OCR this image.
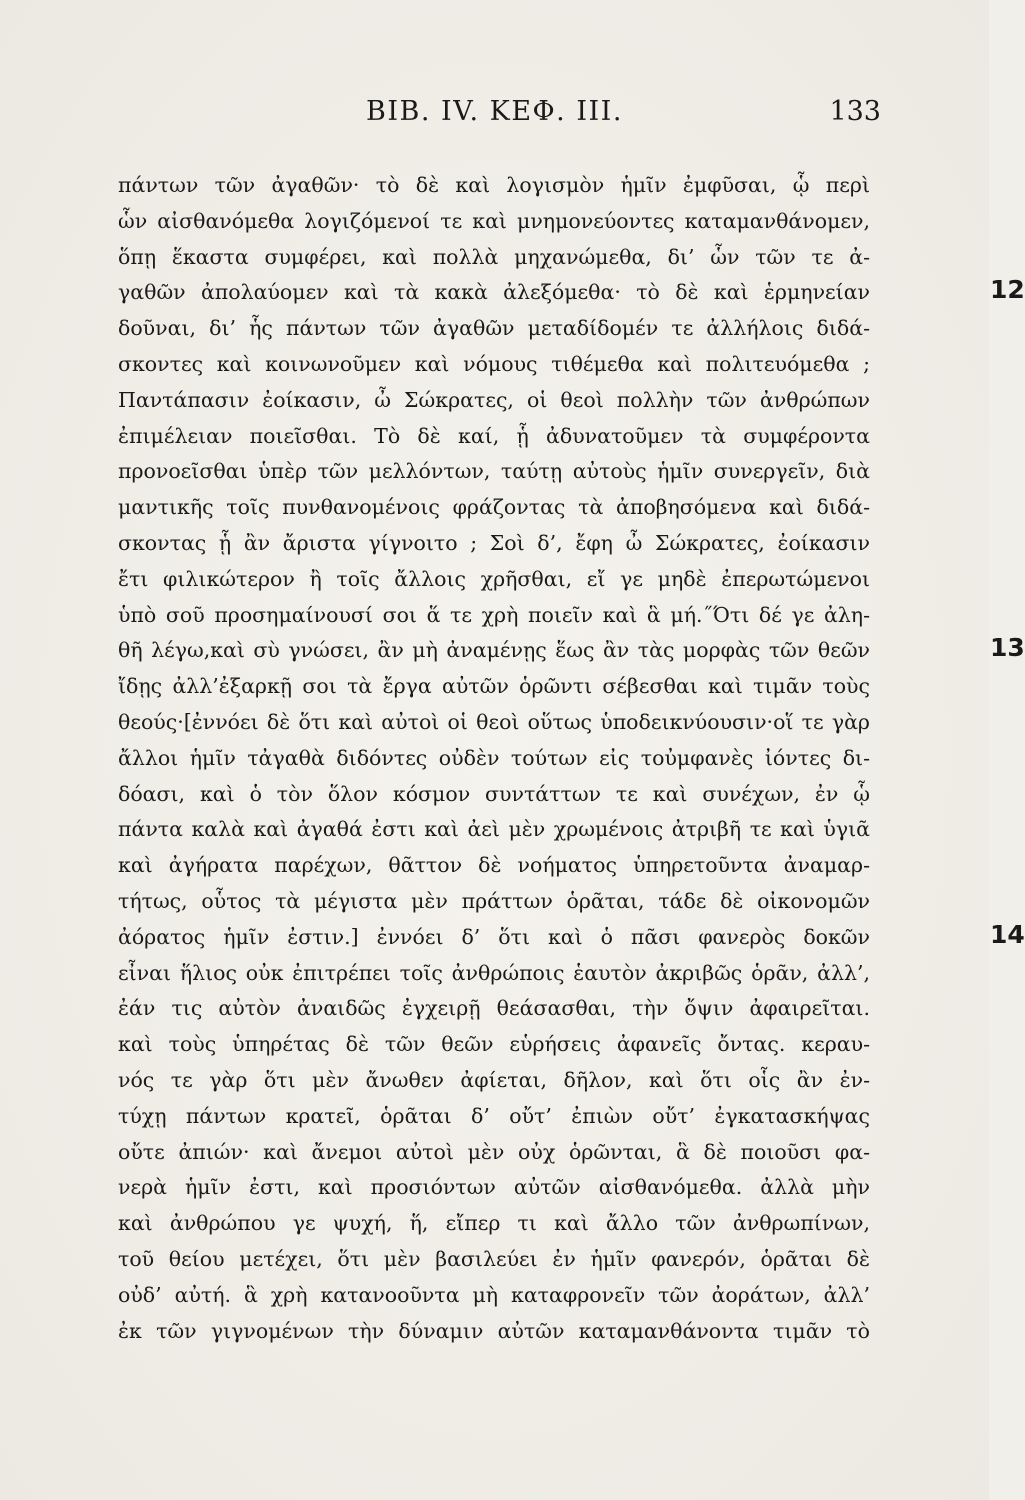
ΒΙΒ. ΙV. ΚΕΦ. ΙΙΙ.	133
12
13
14
πάντων τῶν ἀγαθῶν· τὸ δὲ καὶ λογισμὸν ἡμῖν ἐμφῦσαι, ᾧ περὶ
ὧν αἰσθανόμεθα λογιζόμενοί τε καὶ μνημονεύοντες καταμανθάνομεν,
ὅπῃ ἕκαστα συμφέρει, καὶ πολλὰ μηχανώμεθα, δι’ ὧν τῶν τε ἀ-
γαθῶν ἀπολαύομεν καὶ τὰ κακὰ ἀλεξόμεθα· τὸ δὲ καὶ ἑρμηνείαν
δοῦναι, δι’ ἧς πάντων τῶν ἀγαθῶν μεταδίδομέν τε ἀλλήλοις διδά-
σκοντες καὶ κοινωνοῦμεν καὶ νόμους τιθέμεθα καὶ πολιτευόμεθα ;
Παντάπασιν ἐοίκασιν, ὦ Σώκρατες, οἱ θεοὶ πολλὴν τῶν ἀνθρώπων
ἐπιμέλειαν ποιεῖσθαι. Τὸ δὲ καί, ᾗ ἀδυνατοῦμεν τὰ συμφέροντα
προνοεῖσθαι ὑπὲρ τῶν μελλόντων, ταύτῃ αὐτοὺς ἡμῖν συνεργεῖν, διὰ
μαντικῆς τοῖς πυνθανομένοις φράζοντας τὰ ἀποβησόμενα καὶ διδά-
σκοντας ᾗ ἂν ἄριστα γίγνοιτο ; Σοὶ δ’, ἔφη ὦ Σώκρατες, ἐοίκασιν
ἔτι φιλικώτερον ἢ τοῖς ἄλλοις χρῆσθαι, εἴ γε μηδὲ ἐπερωτώμενοι
ὑπὸ σοῦ προσημαίνουσί σοι ἅ τε χρὴ ποιεῖν καὶ ἃ μή.˝Ότι δέ γε ἀλη-
θῆ λέγω,καὶ σὺ γνώσει, ἂν μὴ ἀναμένῃς ἕως ἂν τὰς μορφὰς τῶν θεῶν
ἴδῃς ἀλλ’ἐξαρκῇ σοι τὰ ἔργα αὐτῶν ὁρῶντι σέβεσθαι καὶ τιμᾶν τοὺς
θεούς·[ἐννόει δὲ ὅτι καὶ αὐτοὶ οἱ θεοὶ οὕτως ὑποδεικνύουσιν·οἵ τε γὰρ
ἄλλοι ἡμῖν τἀγαθὰ διδόντες οὐδὲν τούτων εἰς τοὐμφανὲς ἰόντες δι-
δόασι, καὶ ὁ τὸν ὅλον κόσμον συντάττων τε καὶ συνέχων, ἐν ᾧ
πάντα καλὰ καὶ ἀγαθά ἐστι καὶ ἀεὶ μὲν χρωμένοις ἀτριβῆ τε καὶ ὑγιᾶ
καὶ ἀγήρατα παρέχων, θᾶττον δὲ νοήματος ὑπηρετοῦντα ἀναμαρ-
τήτως, οὗτος τὰ μέγιστα μὲν πράττων ὁρᾶται, τάδε δὲ οἰκονομῶν
ἀόρατος ἡμῖν ἐστιν.] ἐννόει δ’ ὅτι καὶ ὁ πᾶσι φανερὸς δοκῶν
εἶναι ἥλιος οὐκ ἐπιτρέπει τοῖς ἀνθρώποις ἑαυτὸν ἀκριβῶς ὁρᾶν, ἀλλ’,
ἐάν τις αὐτὸν ἀναιδῶς ἐγχειρῇ θεάσασθαι, τὴν ὄψιν ἀφαιρεῖται.
καὶ τοὺς ὑπηρέτας δὲ τῶν θεῶν εὑρήσεις ἀφανεῖς ὄντας. κεραυ-
νός τε γὰρ ὅτι μὲν ἄνωθεν ἀφίεται, δῆλον, καὶ ὅτι οἷς ἂν ἐν-
τύχῃ πάντων κρατεῖ, ὁρᾶται δ’ οὔτ’ ἐπιὼν οὔτ’ ἐγκατασκήψας
οὔτε ἀπιών· καὶ ἄνεμοι αὐτοὶ μὲν οὐχ ὁρῶνται, ἃ δὲ ποιοῦσι φα-
νερὰ ἡμῖν ἐστι, καὶ προσιόντων αὐτῶν αἰσθανόμεθα. ἀλλὰ μὴν
καὶ ἀνθρώπου γε ψυχή, ἥ, εἴπερ τι καὶ ἄλλο τῶν ἀνθρωπίνων,
τοῦ θείου μετέχει, ὅτι μὲν βασιλεύει ἐν ἡμῖν φανερόν, ὁρᾶται δὲ
οὐδ’ αὐτή. ἃ χρὴ κατανοοῦντα μὴ καταφρονεῖν τῶν ἀοράτων, ἀλλ’
ἐκ τῶν γιγνομένων τὴν δύναμιν αὐτῶν καταμανθάνοντα τιμᾶν τὸ
